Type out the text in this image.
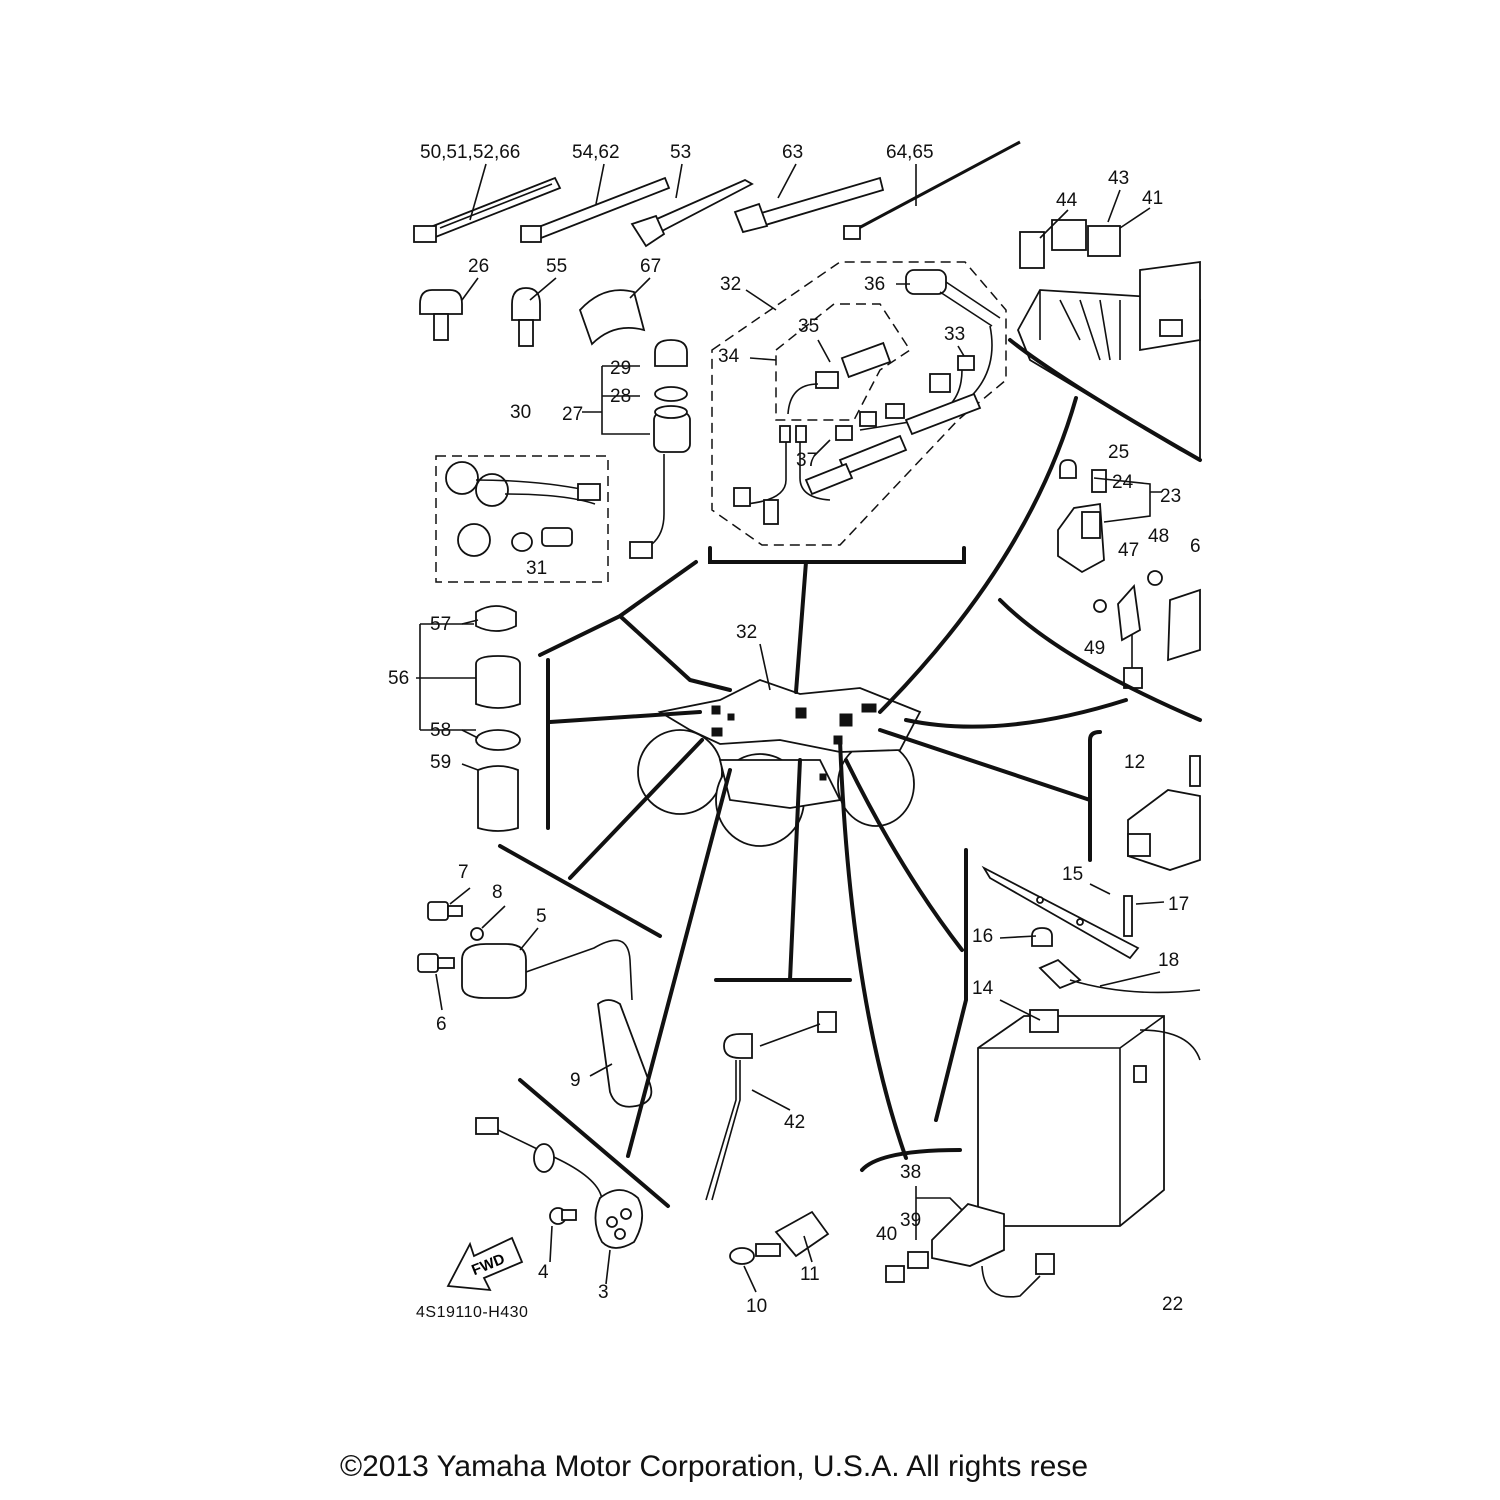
FWD
50,51,52,66	54,62	53	63	64,65
44
43
41
26	55	67
32	36
35	33
34
29
28
27
30
31
37	25
24
23
48
47	6
49
57
56
58
59
32
12
7
8
5
6
15
17
16
18
14
9
42
38
39
40
4
3
11
10	22
4S19110-H430
©2013 Yamaha Motor Corporation, U.S.A. All rights rese
